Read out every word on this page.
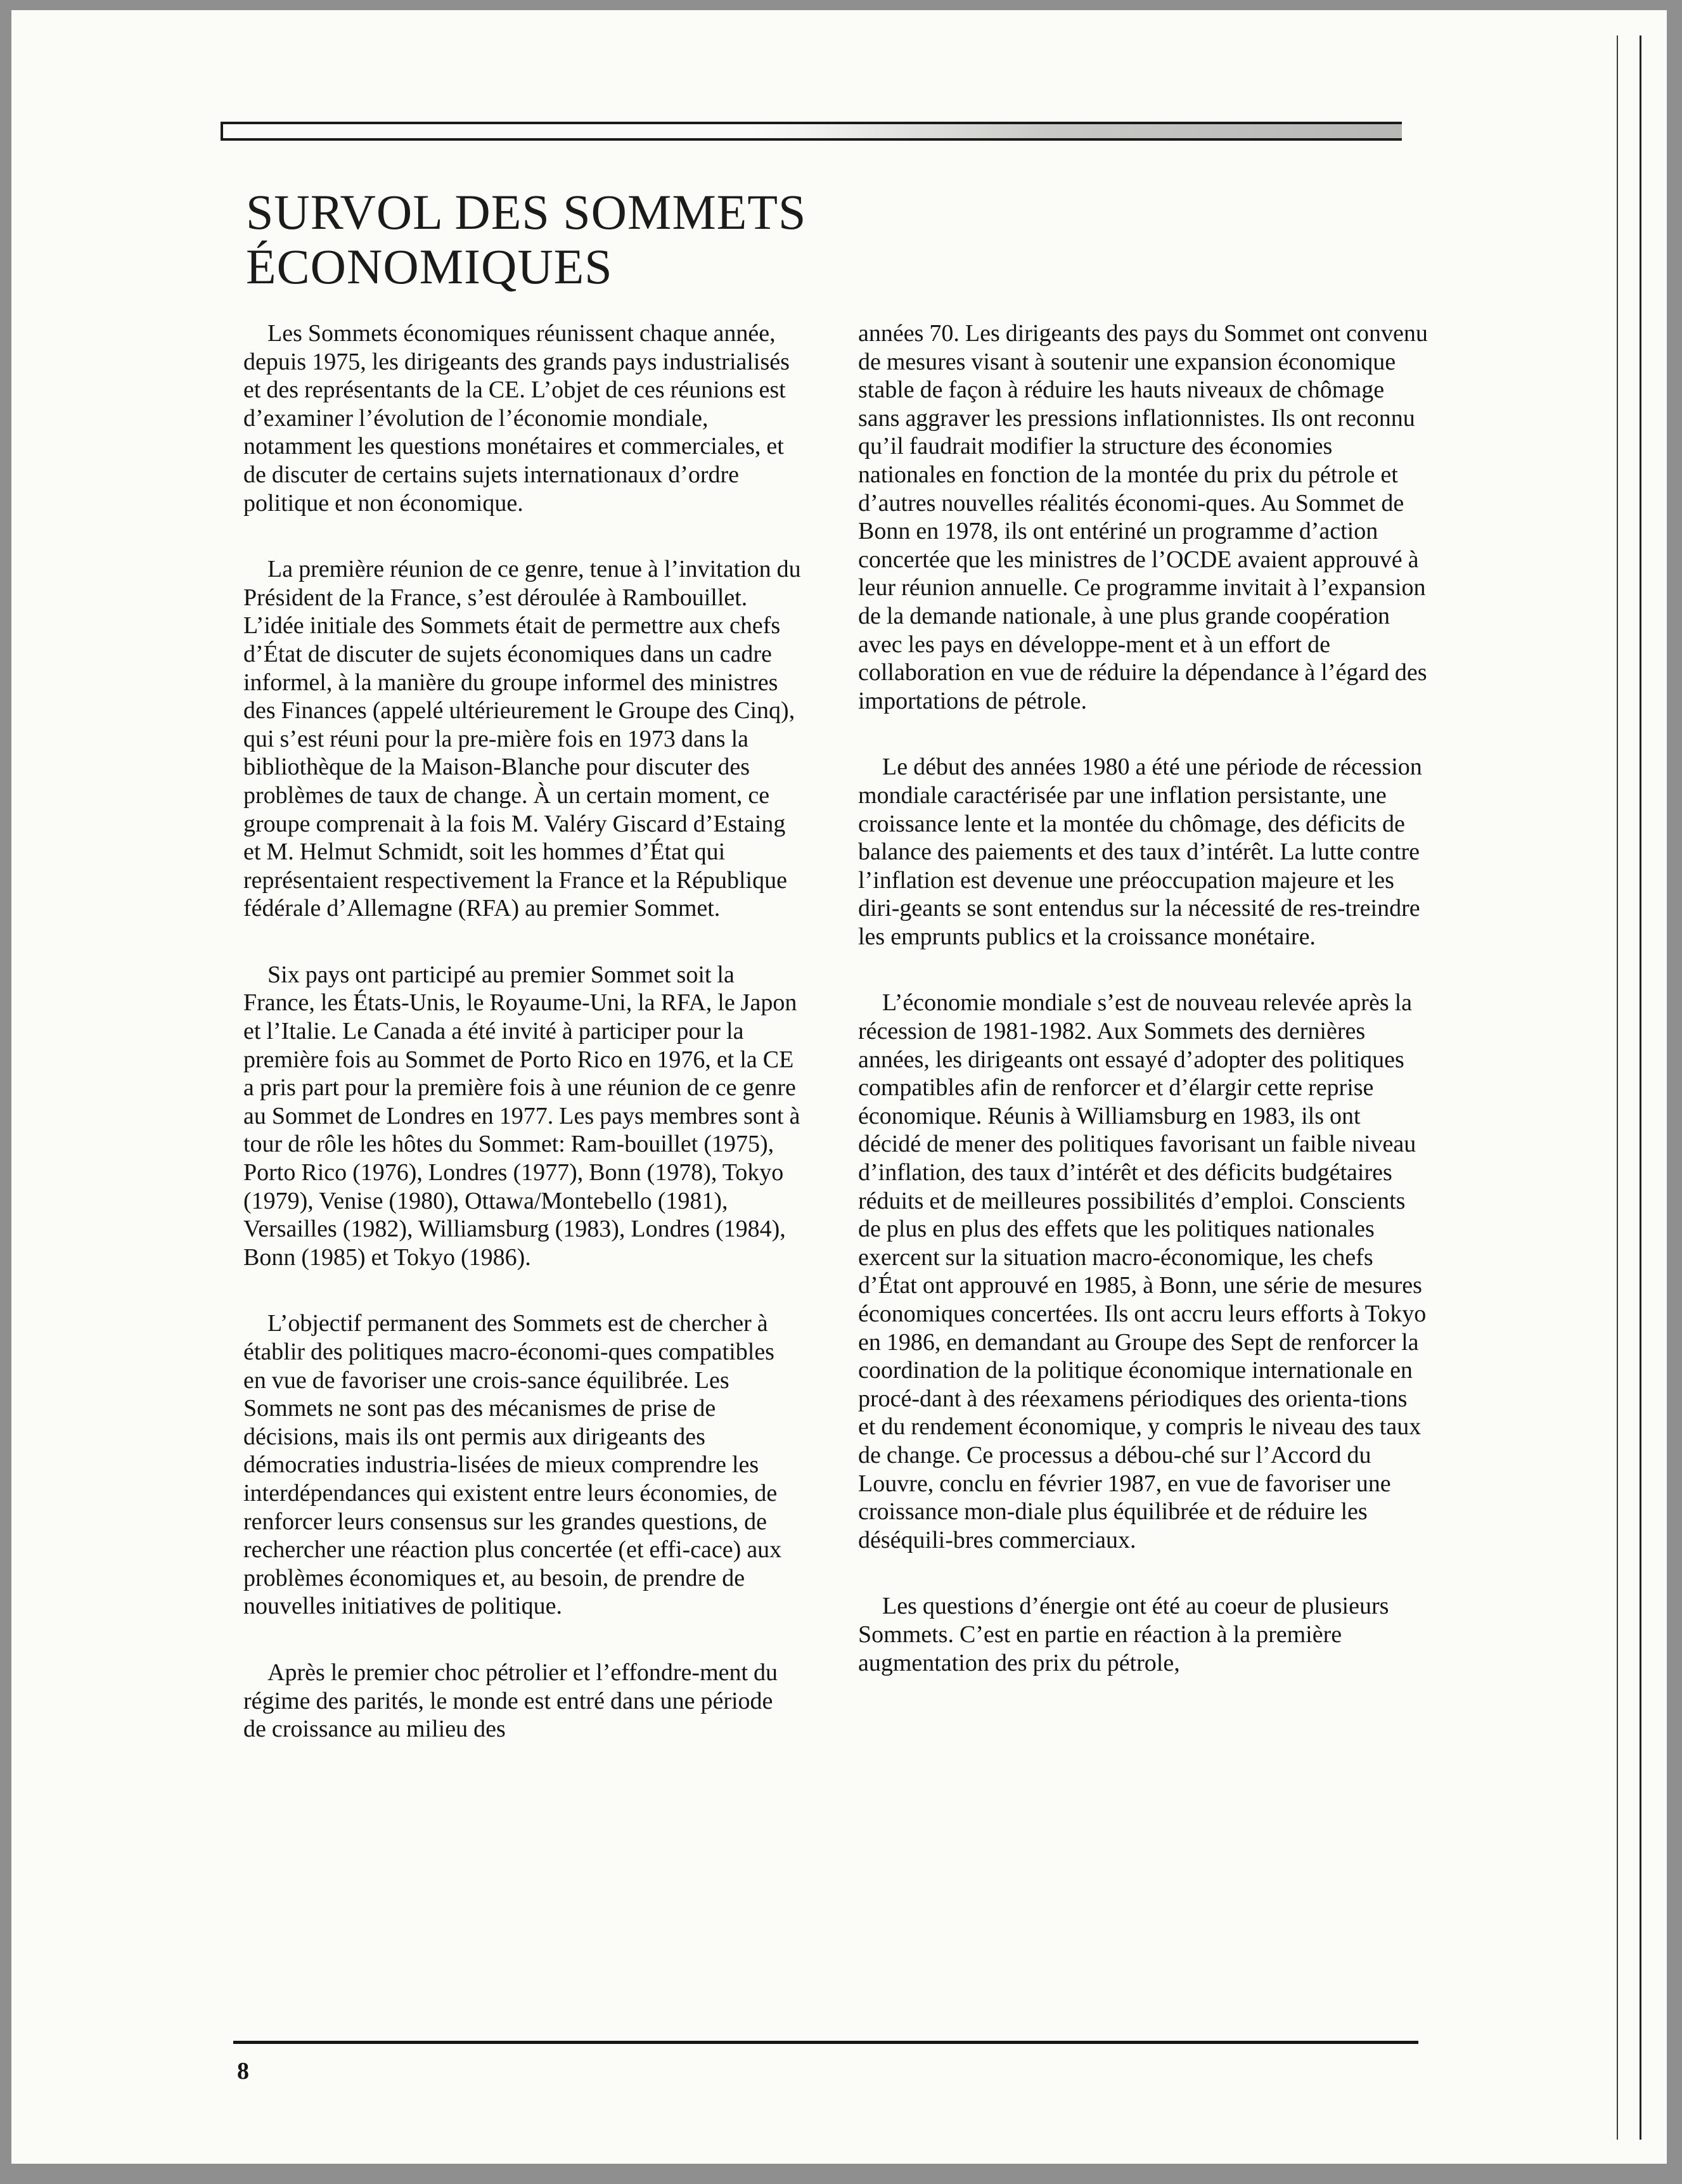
SURVOL DES SOMMETS
ÉCONOMIQUES

Les Sommets économiques réunissent chaque année, depuis 1975, les dirigeants des grands pays industrialisés et des représentants de la CE. L’objet de ces réunions est d’examiner l’évolution de l’économie mondiale, notamment les questions monétaires et commerciales, et de discuter de certains sujets internationaux d’ordre politique et non économique.

La première réunion de ce genre, tenue à l’invitation du Président de la France, s’est déroulée à Rambouillet. L’idée initiale des Sommets était de permettre aux chefs d’État de discuter de sujets économiques dans un cadre informel, à la manière du groupe informel des ministres des Finances (appelé ultérieurement le Groupe des Cinq), qui s’est réuni pour la pre-mière fois en 1973 dans la bibliothèque de la Maison-Blanche pour discuter des problèmes de taux de change. À un certain moment, ce groupe comprenait à la fois M. Valéry Giscard d’Estaing et M. Helmut Schmidt, soit les hommes d’État qui représentaient respectivement la France et la République fédérale d’Allemagne (RFA) au premier Sommet.

Six pays ont participé au premier Sommet soit la France, les États-Unis, le Royaume-Uni, la RFA, le Japon et l’Italie. Le Canada a été invité à participer pour la première fois au Sommet de Porto Rico en 1976, et la CE a pris part pour la première fois à une réunion de ce genre au Sommet de Londres en 1977. Les pays membres sont à tour de rôle les hôtes du Sommet: Ram-bouillet (1975), Porto Rico (1976), Londres (1977), Bonn (1978), Tokyo (1979), Venise (1980), Ottawa/Montebello (1981), Versailles (1982), Williamsburg (1983), Londres (1984), Bonn (1985) et Tokyo (1986).

L’objectif permanent des Sommets est de chercher à établir des politiques macro-économi-ques compatibles en vue de favoriser une crois-sance équilibrée. Les Sommets ne sont pas des mécanismes de prise de décisions, mais ils ont permis aux dirigeants des démocraties industria-lisées de mieux comprendre les interdépendances qui existent entre leurs économies, de renforcer leurs consensus sur les grandes questions, de rechercher une réaction plus concertée (et effi-cace) aux problèmes économiques et, au besoin, de prendre de nouvelles initiatives de politique.

Après le premier choc pétrolier et l’effondre-ment du régime des parités, le monde est entré dans une période de croissance au milieu des

années 70. Les dirigeants des pays du Sommet ont convenu de mesures visant à soutenir une expansion économique stable de façon à réduire les hauts niveaux de chômage sans aggraver les pressions inflationnistes. Ils ont reconnu qu’il faudrait modifier la structure des économies nationales en fonction de la montée du prix du pétrole et d’autres nouvelles réalités économi-ques. Au Sommet de Bonn en 1978, ils ont entériné un programme d’action concertée que les ministres de l’OCDE avaient approuvé à leur réunion annuelle. Ce programme invitait à l’expansion de la demande nationale, à une plus grande coopération avec les pays en développe-ment et à un effort de collaboration en vue de réduire la dépendance à l’égard des importations de pétrole.

Le début des années 1980 a été une période de récession mondiale caractérisée par une inflation persistante, une croissance lente et la montée du chômage, des déficits de balance des paiements et des taux d’intérêt. La lutte contre l’inflation est devenue une préoccupation majeure et les diri-geants se sont entendus sur la nécessité de res-treindre les emprunts publics et la croissance monétaire.

L’économie mondiale s’est de nouveau relevée après la récession de 1981-1982. Aux Sommets des dernières années, les dirigeants ont essayé d’adopter des politiques compatibles afin de renforcer et d’élargir cette reprise économique. Réunis à Williamsburg en 1983, ils ont décidé de mener des politiques favorisant un faible niveau d’inflation, des taux d’intérêt et des déficits budgétaires réduits et de meilleures possibilités d’emploi. Conscients de plus en plus des effets que les politiques nationales exercent sur la situation macro-économique, les chefs d’État ont approuvé en 1985, à Bonn, une série de mesures économiques concertées. Ils ont accru leurs efforts à Tokyo en 1986, en demandant au Groupe des Sept de renforcer la coordination de la politique économique internationale en procé-dant à des réexamens périodiques des orienta-tions et du rendement économique, y compris le niveau des taux de change. Ce processus a débou-ché sur l’Accord du Louvre, conclu en février 1987, en vue de favoriser une croissance mon-diale plus équilibrée et de réduire les déséquili-bres commerciaux.

Les questions d’énergie ont été au coeur de plusieurs Sommets. C’est en partie en réaction à la première augmentation des prix du pétrole,

8
